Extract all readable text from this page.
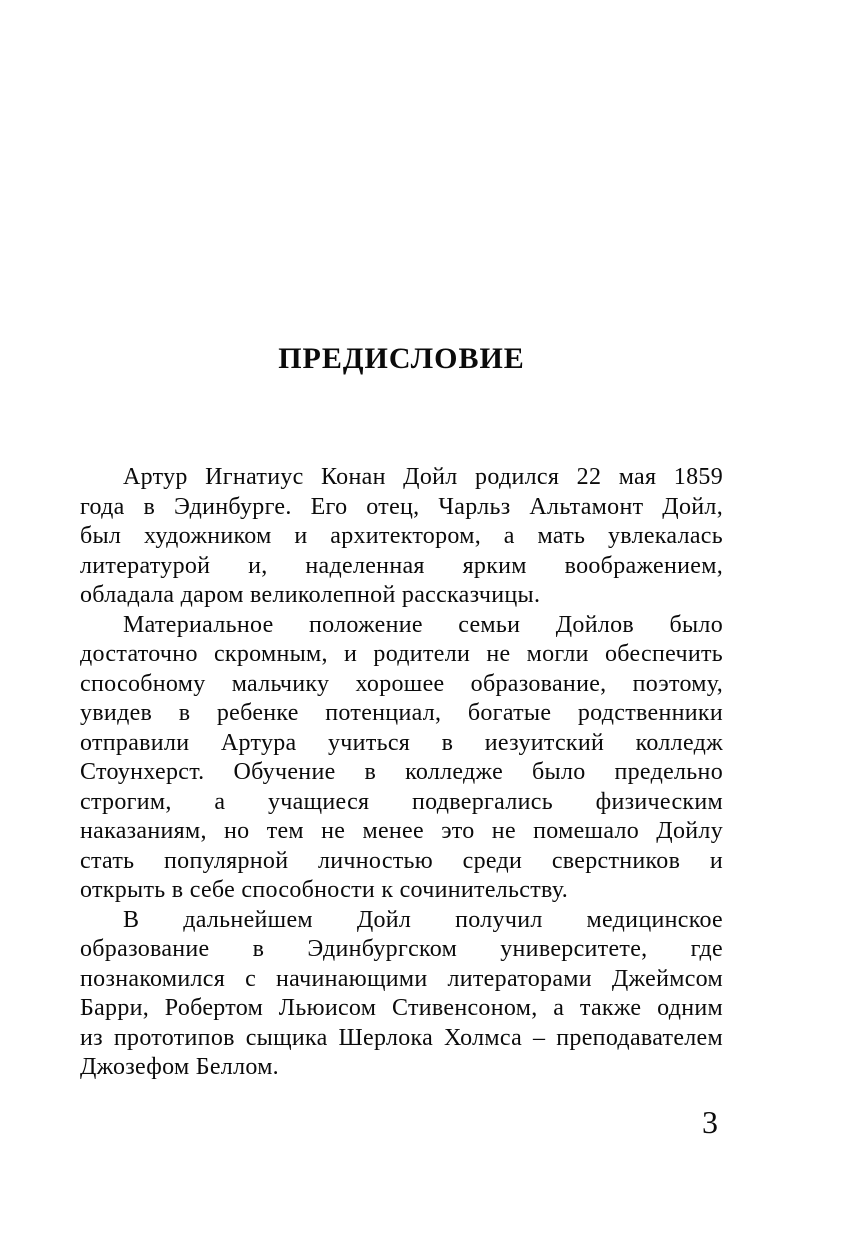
ПРЕДИСЛОВИЕ
Артур Игнатиус Конан Дойл родился 22 мая 1859
года в Эдинбурге. Его отец, Чарльз Альтамонт Дойл,
был художником и архитектором, а мать увлекалась
литературой и, наделенная ярким воображением,
обладала даром великолепной рассказчицы.
Материальное положение семьи Дойлов было
достаточно скромным, и родители не могли обеспечить
способному мальчику хорошее образование, поэтому,
увидев в ребенке потенциал, богатые родственники
отправили Артура учиться в иезуитский колледж
Стоунхерст. Обучение в колледже было предельно
строгим, а учащиеся подвергались физическим
наказаниям, но тем не менее это не помешало Дойлу
стать популярной личностью среди сверстников и
открыть в себе способности к сочинительству.
В дальнейшем Дойл получил медицинское
образование в Эдинбургском университете, где
познакомился с начинающими литераторами Джеймсом
Барри, Робертом Льюисом Стивенсоном, а также одним
из прототипов сыщика Шерлока Холмса – преподавателем
Джозефом Беллом.
3
